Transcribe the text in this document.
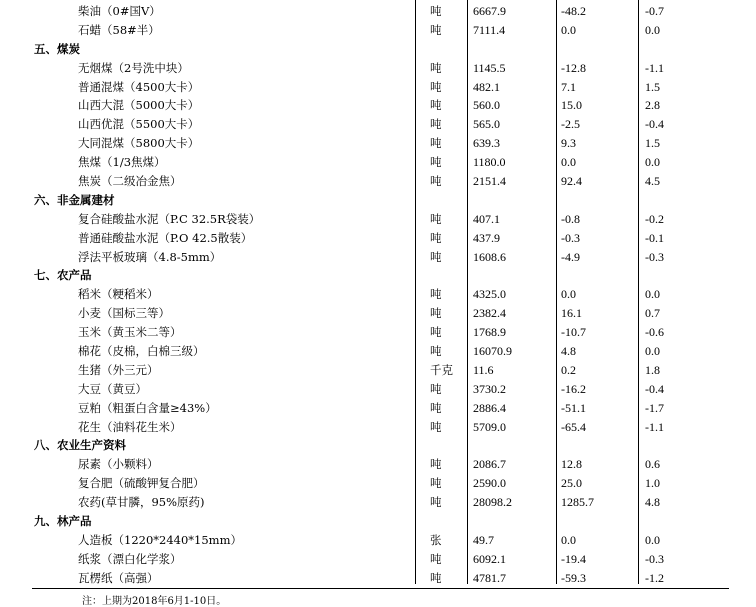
柴油（0#国Ⅴ）	吨	6667.9	-48.2	-0.7
石蜡（58#半）	吨	7111.4	0.0	0.0
五、煤炭
无烟煤（2号洗中块）	吨	1145.5	-12.8	-1.1
普通混煤（4500大卡）	吨	482.1	7.1	1.5
山西大混（5000大卡）	吨	560.0	15.0	2.8
山西优混（5500大卡）	吨	565.0	-2.5	-0.4
大同混煤（5800大卡）	吨	639.3	9.3	1.5
焦煤（1/3焦煤）	吨	1180.0	0.0	0.0
焦炭（二级冶金焦）	吨	2151.4	92.4	4.5
六、非金属建材
复合硅酸盐水泥（P.C 32.5R袋装）	吨	407.1	-0.8	-0.2
普通硅酸盐水泥（P.O 42.5散装）	吨	437.9	-0.3	-0.1
浮法平板玻璃（4.8-5mm）	吨	1608.6	-4.9	-0.3
七、农产品
稻米（粳稻米）	吨	4325.0	0.0	0.0
小麦（国标三等）	吨	2382.4	16.1	0.7
玉米（黄玉米二等）	吨	1768.9	-10.7	-0.6
棉花（皮棉，白棉三级）	吨	16070.9	4.8	0.0
生猪（外三元）	千克 11.6	0.2	1.8
大豆（黄豆）	吨	3730.2	-16.2	-0.4
豆粕（粗蛋白含量≥43%）	吨	2886.4	-51.1	-1.7
花生（油料花生米）	吨	5709.0	-65.4	-1.1
八、农业生产资料
尿素（小颗料）	吨	2086.7	12.8	0.6
复合肥（硫酸钾复合肥）	吨	2590.0	25.0	1.0
农药(草甘膦，95%原药)	吨	28098.2	1285.7	4.8
九、林产品
人造板（1220*2440*15mm）	张	49.7	0.0	0.0
纸浆（漂白化学浆）	吨	6092.1	-19.4	-0.3
瓦楞纸（高强）	吨	4781.7	-59.3	-1.2
注：上期为2018年6月1-10日。
